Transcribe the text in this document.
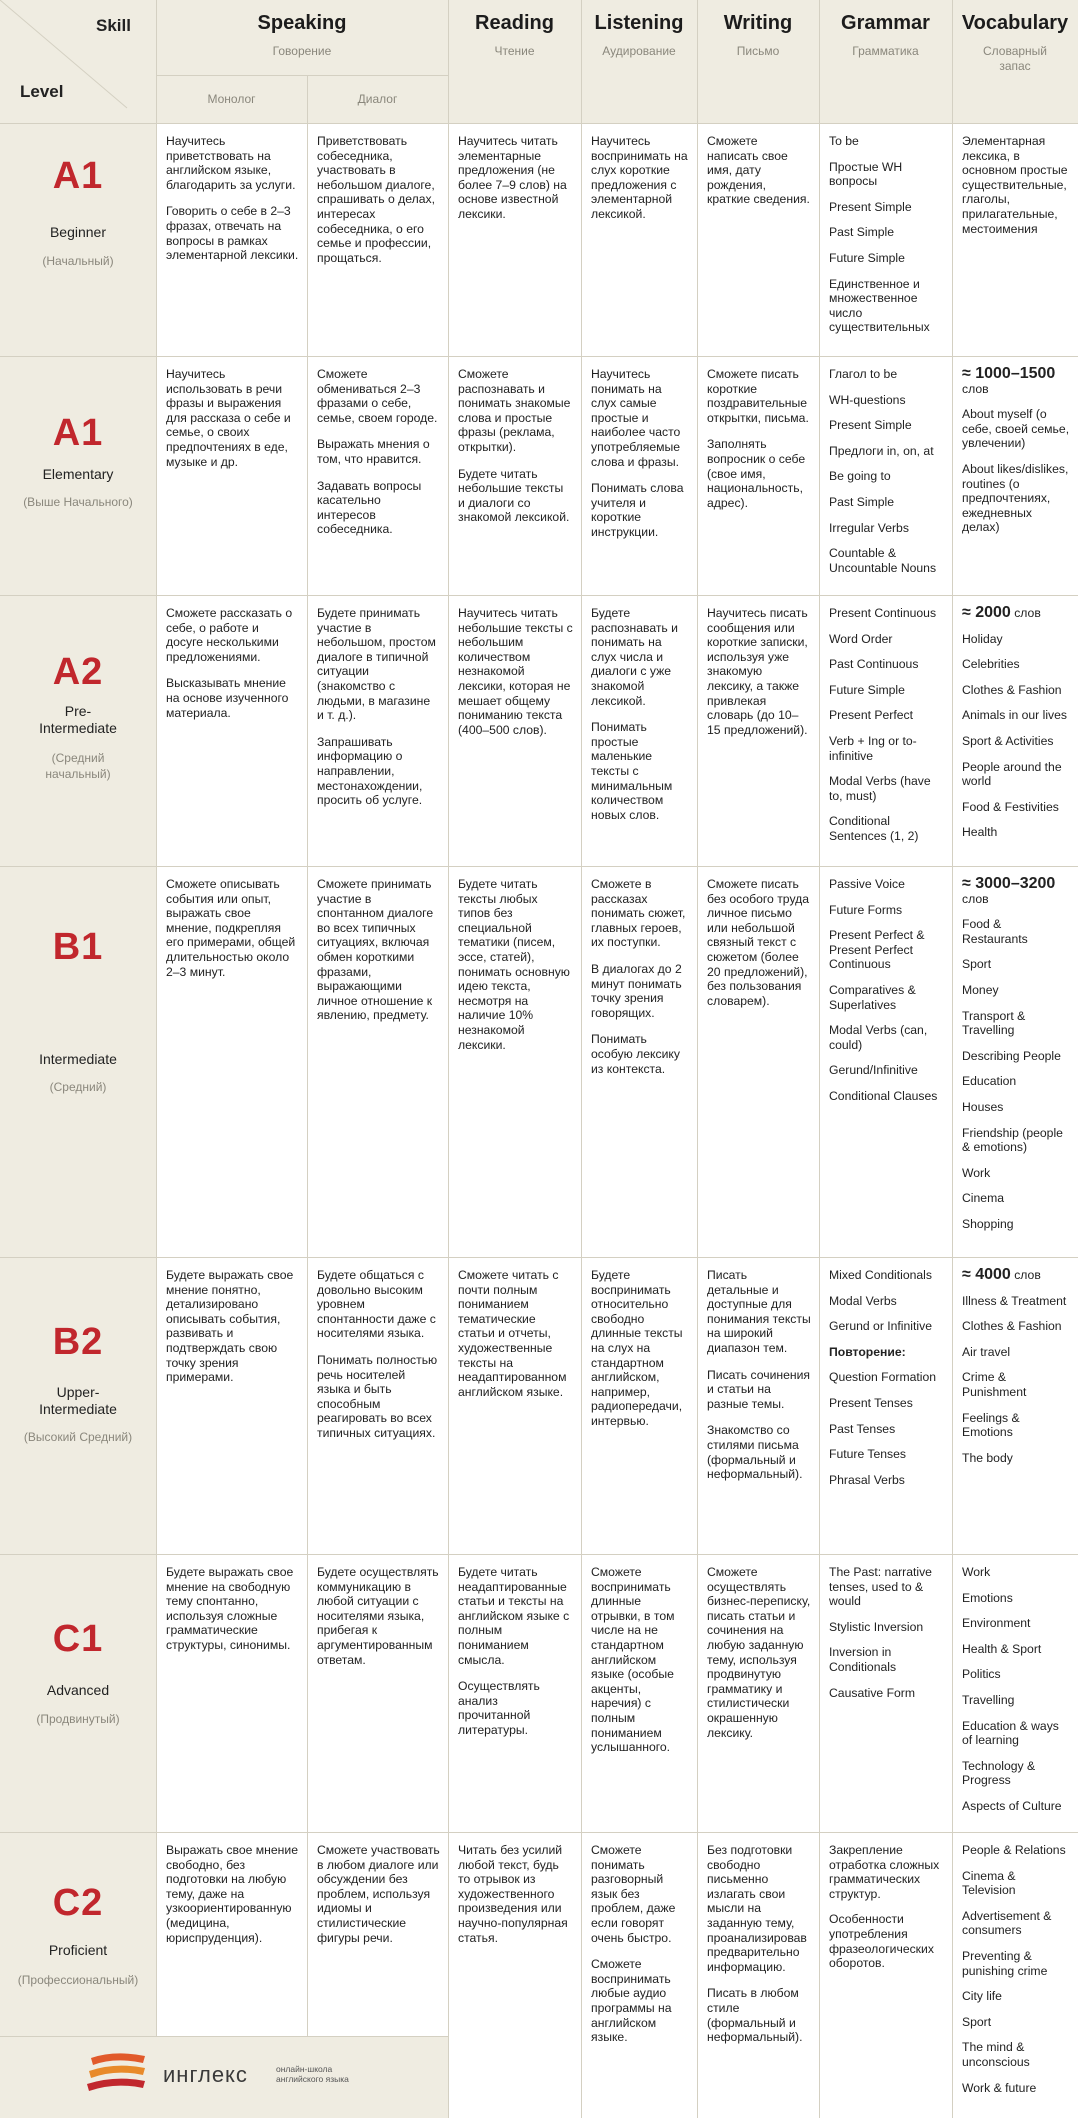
Skill
Level
Speaking
Говорение
Монолог	Диалог
Reading
Чтение
Listening
Аудирование
Writing
Письмо
Grammar
Грамматика
Vocabulary
Словарный запас
A1
Beginner
(Начальный)

Научитесь приветствовать на английском языке, благодарить за услуги.

Говорить о себе в 2–3 фразах, отвечать на вопросы в рамках элементарной лексики.

Приветствовать собеседника, участвовать в небольшом диалоге, спрашивать о делах, интересах собеседника, о его семье и профессии, прощаться.

Научитесь читать элементарные предложения (не более 7–9 слов) на основе известной лексики.

Научитесь воспринимать на слух короткие предложения с элементарной лексикой.

Сможете написать свое имя, дату рождения, краткие сведения.

To be

Простые WH вопросы

Present Simple

Past Simple

Future Simple

Единственное и множественное число существительных

Элементарная лексика, в основном простые существительные, глаголы, прилагательные, местоимения

A1
Elementary
(Выше Начального)

Научитесь использовать в речи фразы и выражения для рассказа о себе и семье, о своих предпочтениях в еде, музыке и др.

Сможете обмениваться 2–3 фразами о себе, семье, своем городе.

Выражать мнения о том, что нравится.

Задавать вопросы касательно интересов собеседника.

Сможете распознавать и понимать знакомые слова и простые фразы (реклама, открытки).

Будете читать небольшие тексты и диалоги со знакомой лексикой.

Научитесь понимать на слух самые простые и наиболее часто употребляемые слова и фразы.

Понимать слова учителя и короткие инструкции.

Сможете писать короткие поздравительные открытки, письма.

Заполнять вопросник о себе (свое имя, национальность, адрес).

Глагол to be

WH-questions

Present Simple

Предлоги in, on, at

Be going to

Past Simple

Irregular Verbs

Countable & Uncountable Nouns

≈ 1000–1500 слов

About myself (о себе, своей семье, увлечении)

About likes/dislikes, routines (о предпочтениях, ежедневных делах)

A2
Pre-Intermediate
(Средний начальный)

Сможете рассказать о себе, о работе и досуге несколькими предложениями.

Высказывать мнение на основе изученного материала.

Будете принимать участие в небольшом, простом диалоге в типичной ситуации (знакомство с людьми, в магазине и т. д.).

Запрашивать информацию о направлении, местонахождении, просить об услуге.

Научитесь читать небольшие тексты с небольшим количеством незнакомой лексики, которая не мешает общему пониманию текста (400–500 слов).

Будете распознавать и понимать на слух числа и диалоги с уже знакомой лексикой.

Понимать простые маленькие тексты с минимальным количеством новых слов.

Научитесь писать сообщения или короткие записки, используя уже знакомую лексику, а также привлекая словарь (до 10–15 предложений).

Present Continuous

Word Order

Past Continuous

Future Simple

Present Perfect

Verb + Ing or to-infinitive

Modal Verbs (have to, must)

Conditional Sentences (1, 2)

≈ 2000 слов

Holiday

Celebrities

Clothes & Fashion

Animals in our lives

Sport & Activities

People around the world

Food & Festivities

Health

B1
Intermediate
(Средний)

Сможете описывать события или опыт, выражать свое мнение, подкрепляя его примерами, общей длительностью около 2–3 минут.

Сможете принимать участие в спонтанном диалоге во всех типичных ситуациях, включая обмен короткими фразами, выражающими личное отношение к явлению, предмету.

Будете читать тексты любых типов без специальной тематики (писем, эссе, статей), понимать основную идею текста, несмотря на наличие 10% незнакомой лексики.

Сможете в рассказах понимать сюжет, главных героев, их поступки.

В диалогах до 2 минут понимать точку зрения говорящих.

Понимать особую лексику из контекста.

Сможете писать без особого труда личное письмо или небольшой связный текст с сюжетом (более 20 предложений), без пользования словарем).

Passive Voice

Future Forms

Present Perfect & Present Perfect Continuous

Comparatives & Superlatives

Modal Verbs (can, could)

Gerund/Infinitive

Conditional Clauses

≈ 3000–3200 слов

Food & Restaurants

Sport

Money

Transport & Travelling

Describing People

Education

Houses

Friendship (people & emotions)

Work

Cinema

Shopping

B2
Upper-Intermediate
(Высокий Средний)

Будете выражать свое мнение понятно, детализировано описывать события, развивать и подтверждать свою точку зрения примерами.

Будете общаться с довольно высоким уровнем спонтанности даже с носителями языка.

Понимать полностью речь носителей языка и быть способным реагировать во всех типичных ситуациях.

Сможете читать с почти полным пониманием тематические статьи и отчеты, художественные тексты на неадаптированном английском языке.

Будете воспринимать относительно свободно длинные тексты на слух на стандартном английском, например, радиопередачи, интервью.

Писать детальные и доступные для понимания тексты на широкий диапазон тем.

Писать сочинения и статьи на разные темы.

Знакомство со стилями письма (формальный и неформальный).

Mixed Conditionals

Modal Verbs

Gerund or Infinitive

Повторение:

Question Formation

Present Tenses

Past Tenses

Future Tenses

Phrasal Verbs

≈ 4000 слов

Illness & Treatment

Clothes & Fashion

Air travel

Crime & Punishment

Feelings & Emotions

The body

C1
Advanced
(Продвинутый)

Будете выражать свое мнение на свободную тему спонтанно, используя сложные грамматические структуры, синонимы.

Будете осуществлять коммуникацию в любой ситуации с носителями языка, прибегая к аргументированным ответам.

Будете читать неадаптированные статьи и тексты на английском языке с полным пониманием смысла.

Осуществлять анализ прочитанной литературы.

Сможете воспринимать длинные отрывки, в том числе на не стандартном английском языке (особые акценты, наречия) с полным пониманием услышанного.

Сможете осуществлять бизнес-переписку, писать статьи и сочинения на любую заданную тему, используя продвинутую грамматику и стилистически окрашенную лексику.

The Past: narrative tenses, used to & would

Stylistic Inversion

Inversion in Conditionals

Causative Form

Work

Emotions

Environment

Health & Sport

Politics

Travelling

Education & ways of learning

Technology & Progress

Aspects of Culture

C2
Proficient
(Профессиональный)

Выражать свое мнение свободно, без подготовки на любую тему, даже на узкоориентированную (медицина, юриспруденция).

Сможете участвовать в любом диалоге или обсуждении без проблем, используя идиомы и стилистические фигуры речи.

Читать без усилий любой текст, будь то отрывок из художественного произведения или научно-популярная статья.

Сможете понимать разговорный язык без проблем, даже если говорят очень быстро.

Сможете воспринимать любые аудио программы на английском языке.

Без подготовки свободно письменно излагать свои мысли на заданную тему, проанализировав предварительно информацию.

Писать в любом стиле (формальный и неформальный).

Закрепление отработка сложных грамматических структур.

Особенности употребления фразеологических оборотов.

People & Relations

Cinema & Television

Advertisement & consumers

Preventing & punishing crime

City life

Sport

The mind & unconscious

Work & future

инглекс	онлайн-школа
английского языка
